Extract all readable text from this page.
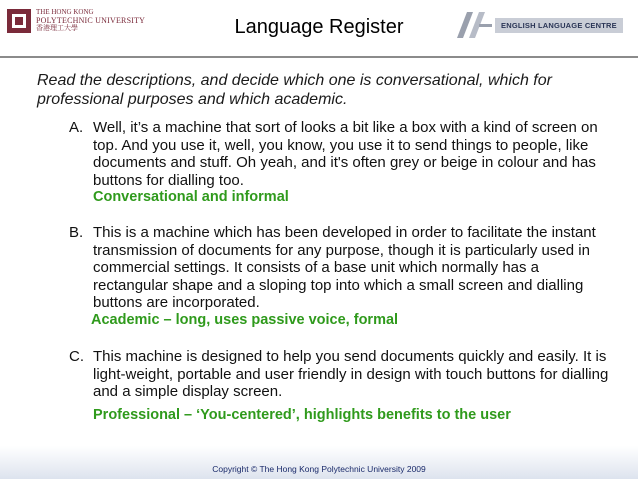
THE HONG KONG
POLYTECHNIC UNIVERSITY
香港理工大學	Language Register	ENGLISH LANGUAGE CENTRE
Read the descriptions, and decide which one is conversational, which for professional purposes and which academic.
A. Well, it’s a machine that sort of looks a bit like a box with a kind of screen on top. And you use it, well, you know, you use it to send things to people, like documents and stuff. Oh yeah, and it's often grey or beige in colour and has buttons for dialling too.
Conversational and informal
B. This is a machine which has been developed in order to facilitate the instant transmission of documents for any purpose, though it is particularly used in commercial settings. It consists of a base unit which normally has a rectangular shape and a sloping top into which a small screen and dialling buttons are incorporated.
Academic – long, uses passive voice, formal
C. This machine is designed to help you send documents quickly and easily. It is light-weight, portable and user friendly in design with touch buttons for dialling and a simple display screen.
Professional – ‘You-centered’, highlights benefits to the user
Copyright © The Hong Kong Polytechnic University 2009
